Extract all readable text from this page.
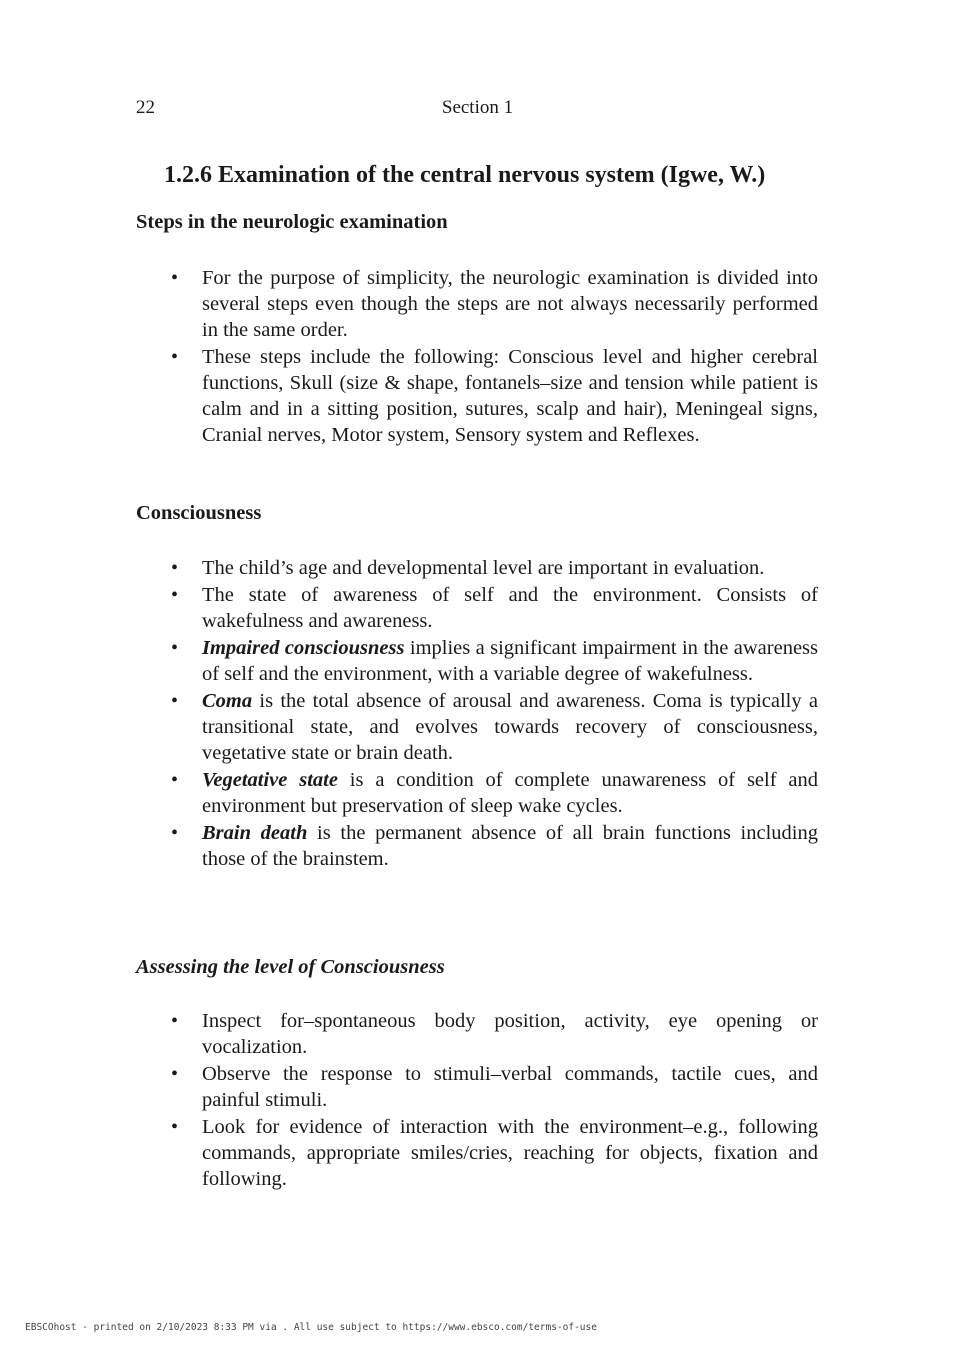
22	Section 1
1.2.6 Examination of the central nervous system (Igwe, W.)
Steps in the neurologic examination
• For the purpose of simplicity, the neurologic examination is divided into several steps even though the steps are not always necessarily performed in the same order.
• These steps include the following: Conscious level and higher cerebral functions, Skull (size & shape, fontanels–size and tension while patient is calm and in a sitting position, sutures, scalp and hair), Meningeal signs, Cranial nerves, Motor system, Sensory system and Reflexes.
Consciousness
• The child’s age and developmental level are important in evaluation.
• The state of awareness of self and the environment. Consists of wakefulness and awareness.
• Impaired consciousness implies a significant impairment in the awareness of self and the environment, with a variable degree of wakefulness.
• Coma is the total absence of arousal and awareness. Coma is typically a transitional state, and evolves towards recovery of consciousness, vegetative state or brain death.
• Vegetative state is a condition of complete unawareness of self and environment but preservation of sleep wake cycles.
• Brain death is the permanent absence of all brain functions including those of the brainstem.
Assessing the level of Consciousness
• Inspect for–spontaneous body position, activity, eye opening or vocalization.
• Observe the response to stimuli–verbal commands, tactile cues, and painful stimuli.
• Look for evidence of interaction with the environment–e.g., following commands, appropriate smiles/cries, reaching for objects, fixation and following.
EBSCOhost - printed on 2/10/2023 8:33 PM via . All use subject to https://www.ebsco.com/terms-of-use
